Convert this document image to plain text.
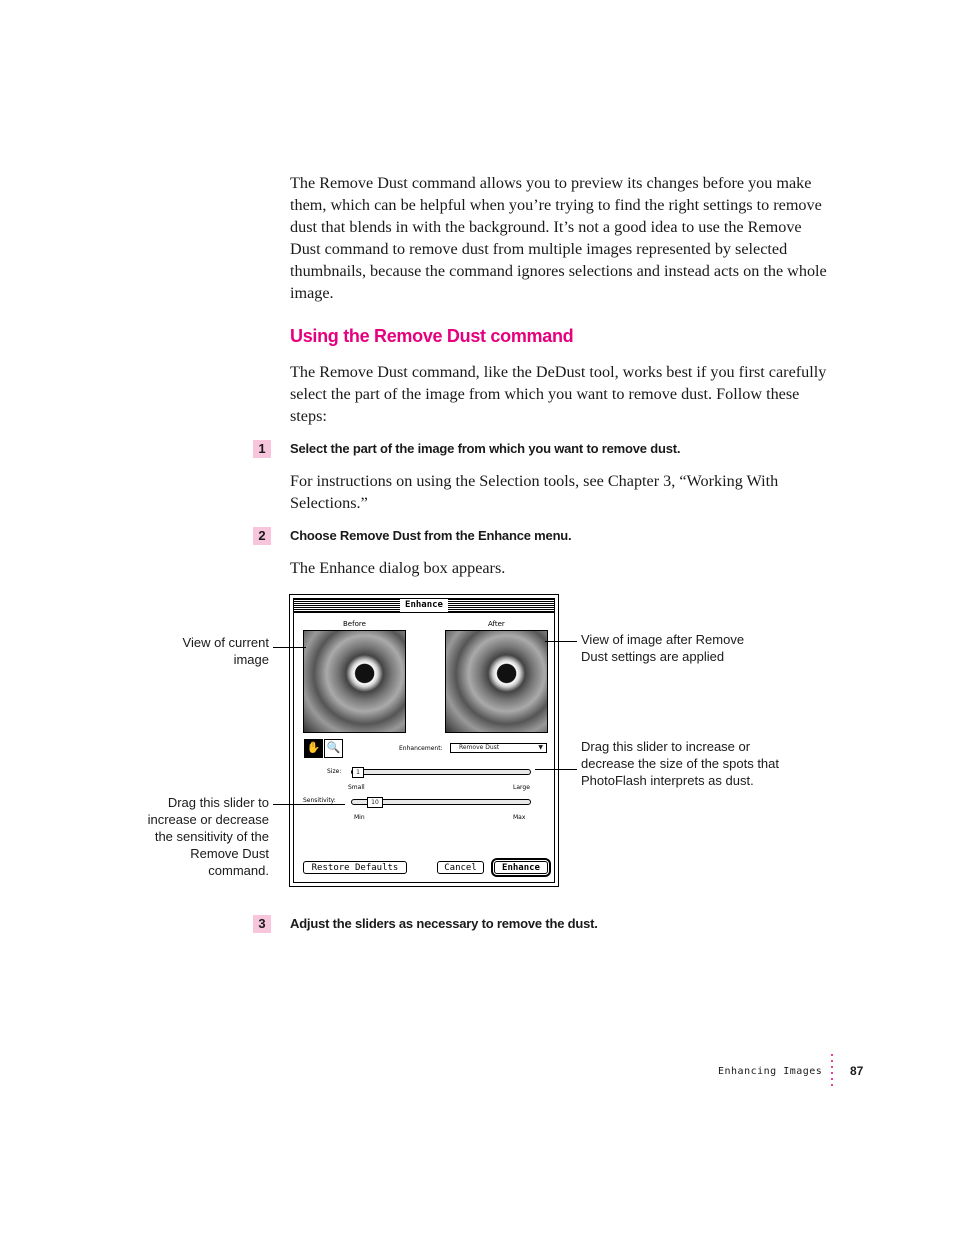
The Remove Dust command allows you to preview its changes before you make them, which can be helpful when you’re trying to find the right settings to remove dust that blends in with the background. It’s not a good idea to use the Remove Dust command to remove dust from multiple images represented by selected thumbnails, because the command ignores selections and instead acts on the whole image.
Using the Remove Dust command
The Remove Dust command, like the DeDust tool, works best if you first carefully select the part of the image from which you want to remove dust. Follow these steps:
1	Select the part of the image from which you want to remove dust.
For instructions on using the Selection tools, see Chapter 3, “Working With Selections.”
2	Choose Remove Dust from the Enhance menu.
The Enhance dialog box appears.
Enhance
Before	After
✋ 🔍	Enhancement:	Remove Dust	▼
Size:	1
Small	Large
Sensitivity:	10
Min	Max
Restore Defaults	Cancel	Enhance
View of current
image
View of image after Remove
Dust settings are applied
Drag this slider to increase or
decrease the size of the spots that
PhotoFlash interprets as dust.
Drag this slider to
increase or decrease
the sensitivity of the
Remove Dust
command.
3	Adjust the sliders as necessary to remove the dust.
Enhancing Images 87
